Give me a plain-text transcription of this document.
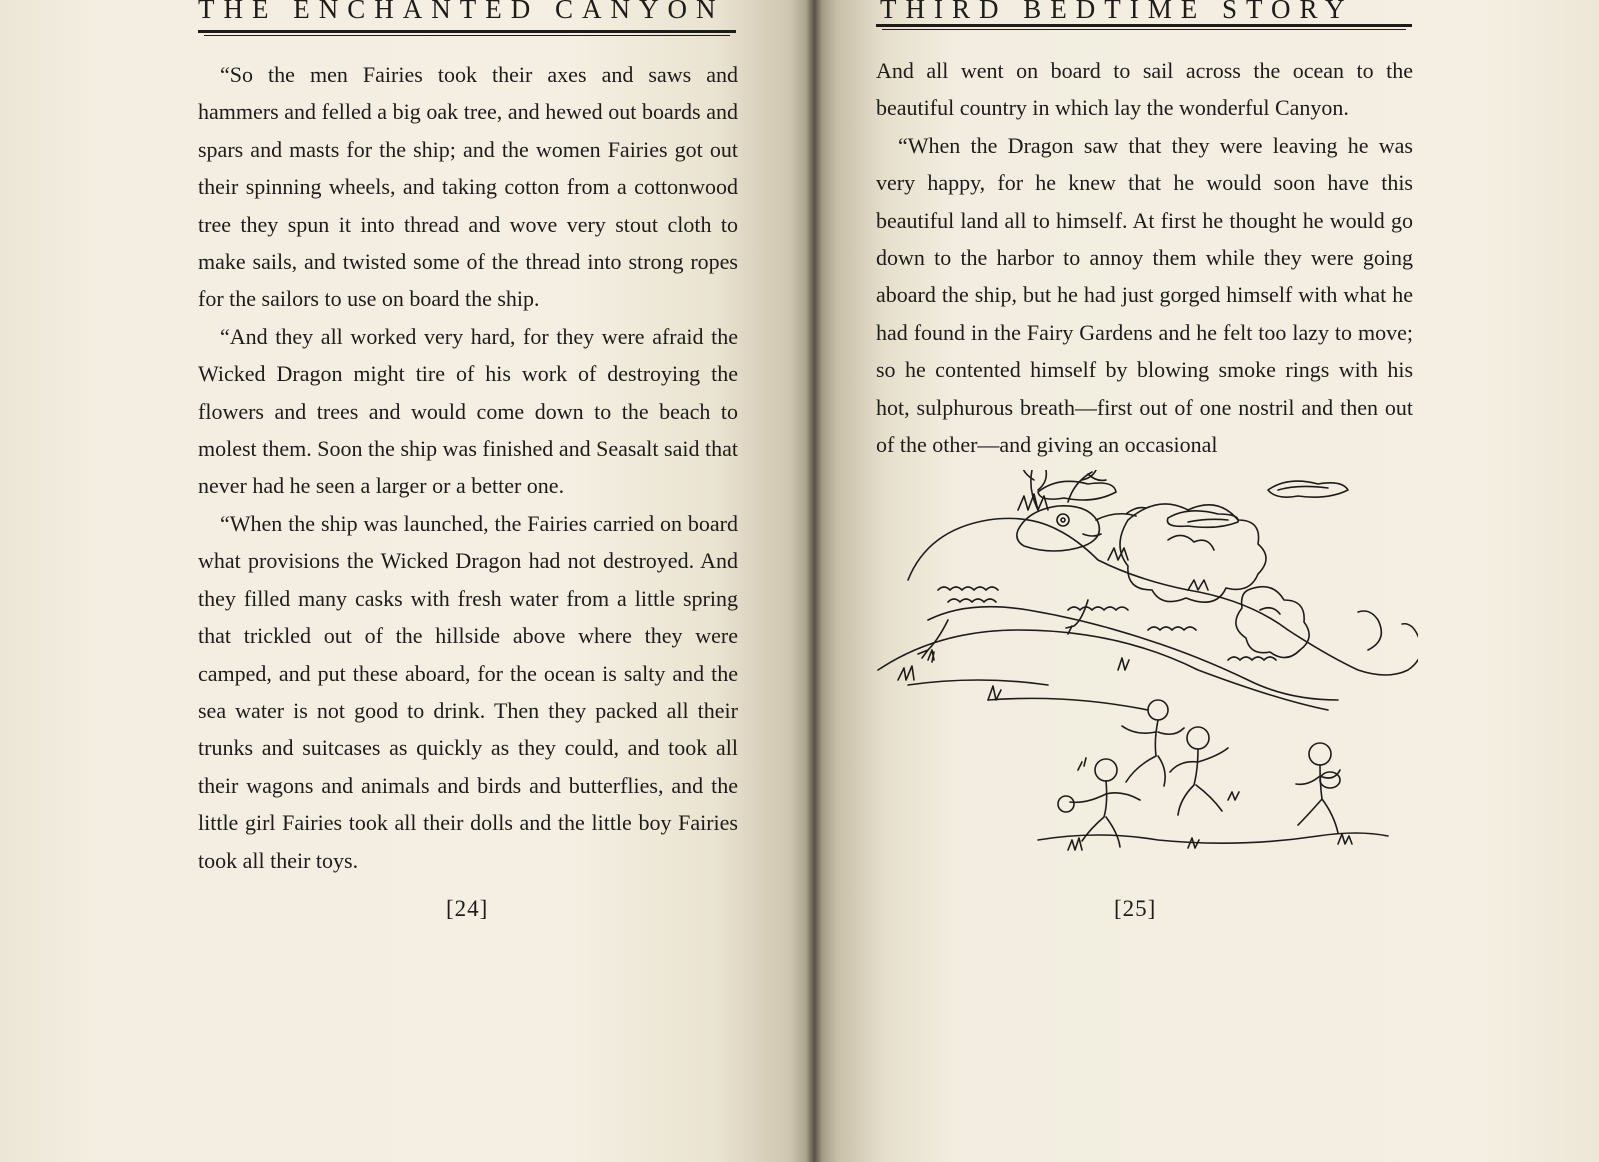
THE ENCHANTED CANYON

“So the men Fairies took their axes and saws and hammers and felled a big oak tree, and hewed out boards and spars and masts for the ship; and the women Fairies got out their spinning wheels, and taking cotton from a cottonwood tree they spun it into thread and wove very stout cloth to make sails, and twisted some of the thread into strong ropes for the sailors to use on board the ship.

“And they all worked very hard, for they were afraid the Wicked Dragon might tire of his work of destroying the flowers and trees and would come down to the beach to molest them. Soon the ship was finished and Seasalt said that never had he seen a larger or a better one.

“When the ship was launched, the Fairies carried on board what provisions the Wicked Dragon had not destroyed. And they filled many casks with fresh water from a little spring that trickled out of the hillside above where they were camped, and put these aboard, for the ocean is salty and the sea water is not good to drink. Then they packed all their trunks and suitcases as quickly as they could, and took all their wagons and animals and birds and butterflies, and the little girl Fairies took all their dolls and the little boy Fairies took all their toys.

[24]
THIRD BEDTIME STORY

And all went on board to sail across the ocean to the beautiful country in which lay the wonderful Canyon.

“When the Dragon saw that they were leaving he was very happy, for he knew that he would soon have this beautiful land all to himself. At first he thought he would go down to the harbor to annoy them while they were going aboard the ship, but he had just gorged himself with what he had found in the Fairy Gardens and he felt too lazy to move; so he contented himself by blowing smoke rings with his hot, sulphurous breath—first out of one nostril and then out of the other—and giving an occasional

[25]
